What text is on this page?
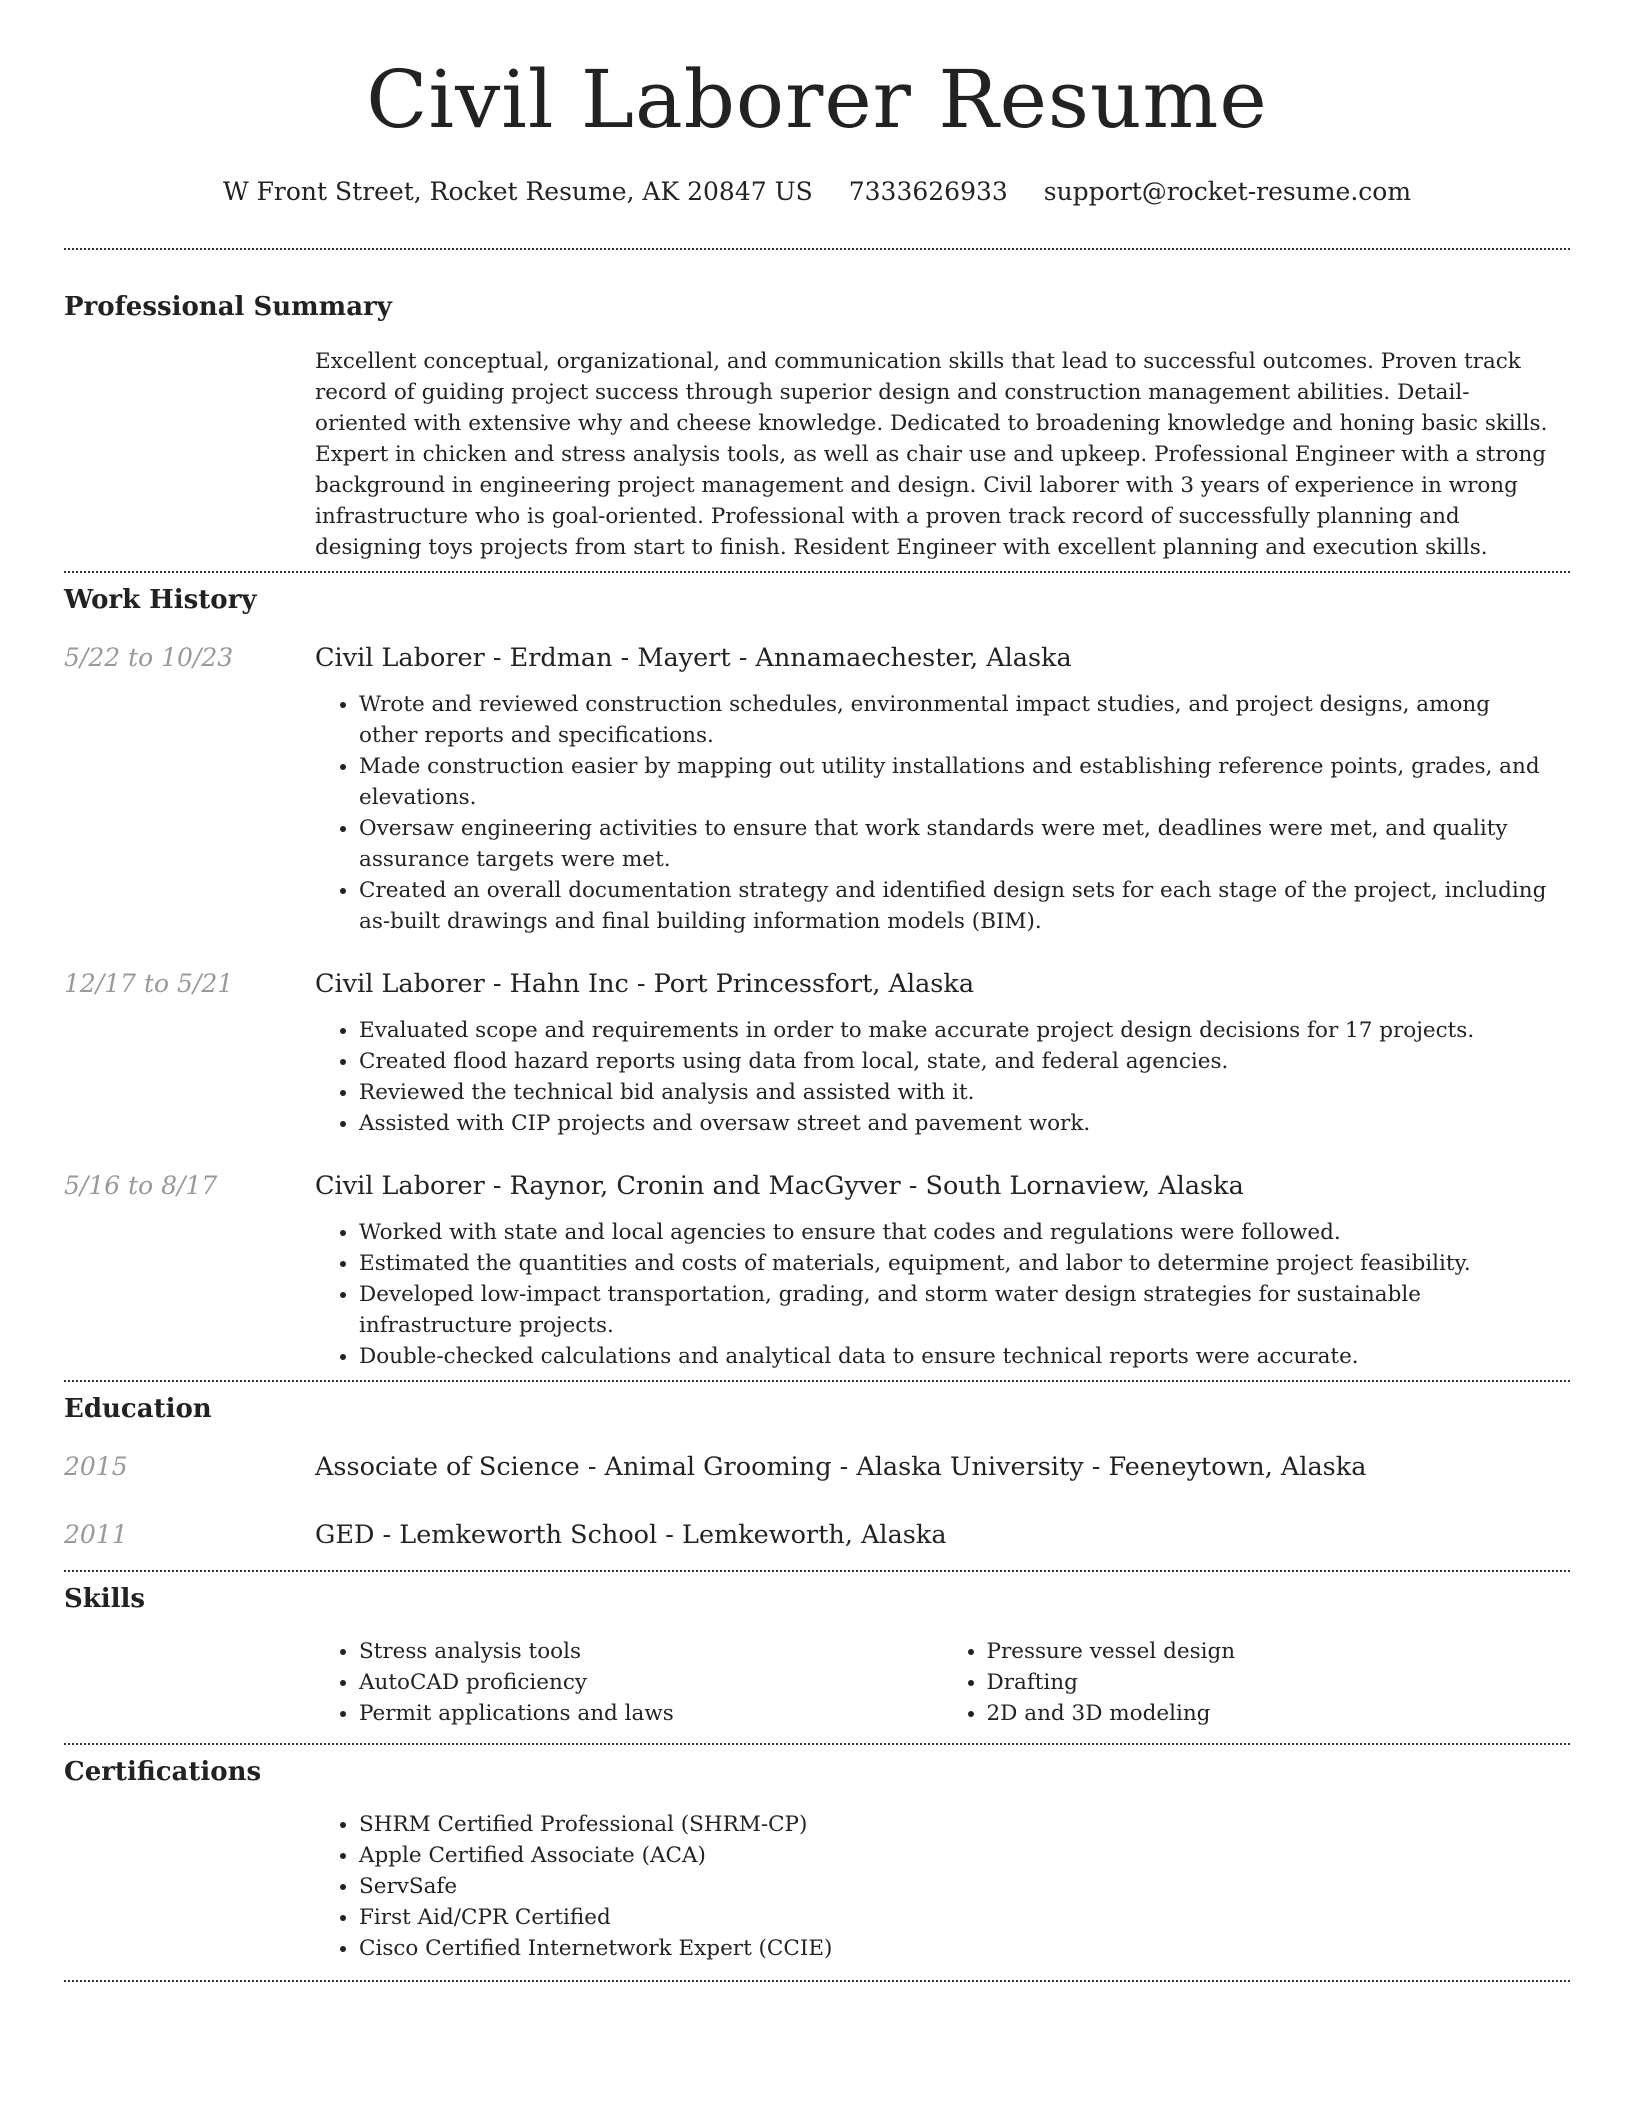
Civil Laborer Resume
W Front Street, Rocket Resume, AK 20847 US 7333626933 support@rocket-resume.com
Professional Summary
Excellent conceptual, organizational, and communication skills that lead to successful outcomes. Proven track record of guiding project success through superior design and construction management abilities. Detail-oriented with extensive why and cheese knowledge. Dedicated to broadening knowledge and honing basic skills. Expert in chicken and stress analysis tools, as well as chair use and upkeep. Professional Engineer with a strong background in engineering project management and design. Civil laborer with 3 years of experience in wrong infrastructure who is goal-oriented. Professional with a proven track record of successfully planning and designing toys projects from start to finish. Resident Engineer with excellent planning and execution skills.
Work History
5/22 to 10/23	Civil Laborer - Erdman - Mayert - Annamaechester, Alaska
• Wrote and reviewed construction schedules, environmental impact studies, and project designs, among other reports and specifications.
• Made construction easier by mapping out utility installations and establishing reference points, grades, and elevations.
• Oversaw engineering activities to ensure that work standards were met, deadlines were met, and quality assurance targets were met.
• Created an overall documentation strategy and identified design sets for each stage of the project, including as-built drawings and final building information models (BIM).
12/17 to 5/21	Civil Laborer - Hahn Inc - Port Princessfort, Alaska
• Evaluated scope and requirements in order to make accurate project design decisions for 17 projects.
• Created flood hazard reports using data from local, state, and federal agencies.
• Reviewed the technical bid analysis and assisted with it.
• Assisted with CIP projects and oversaw street and pavement work.
5/16 to 8/17	Civil Laborer - Raynor, Cronin and MacGyver - South Lornaview, Alaska
• Worked with state and local agencies to ensure that codes and regulations were followed.
• Estimated the quantities and costs of materials, equipment, and labor to determine project feasibility.
• Developed low-impact transportation, grading, and storm water design strategies for sustainable infrastructure projects.
• Double-checked calculations and analytical data to ensure technical reports were accurate.
Education
2015	Associate of Science - Animal Grooming - Alaska University - Feeneytown, Alaska
2011	GED - Lemkeworth School - Lemkeworth, Alaska
Skills
• Stress analysis tools
• AutoCAD proficiency
• Permit applications and laws
• Pressure vessel design
• Drafting
• 2D and 3D modeling
Certifications
• SHRM Certified Professional (SHRM-CP)
• Apple Certified Associate (ACA)
• ServSafe
• First Aid/CPR Certified
• Cisco Certified Internetwork Expert (CCIE)
